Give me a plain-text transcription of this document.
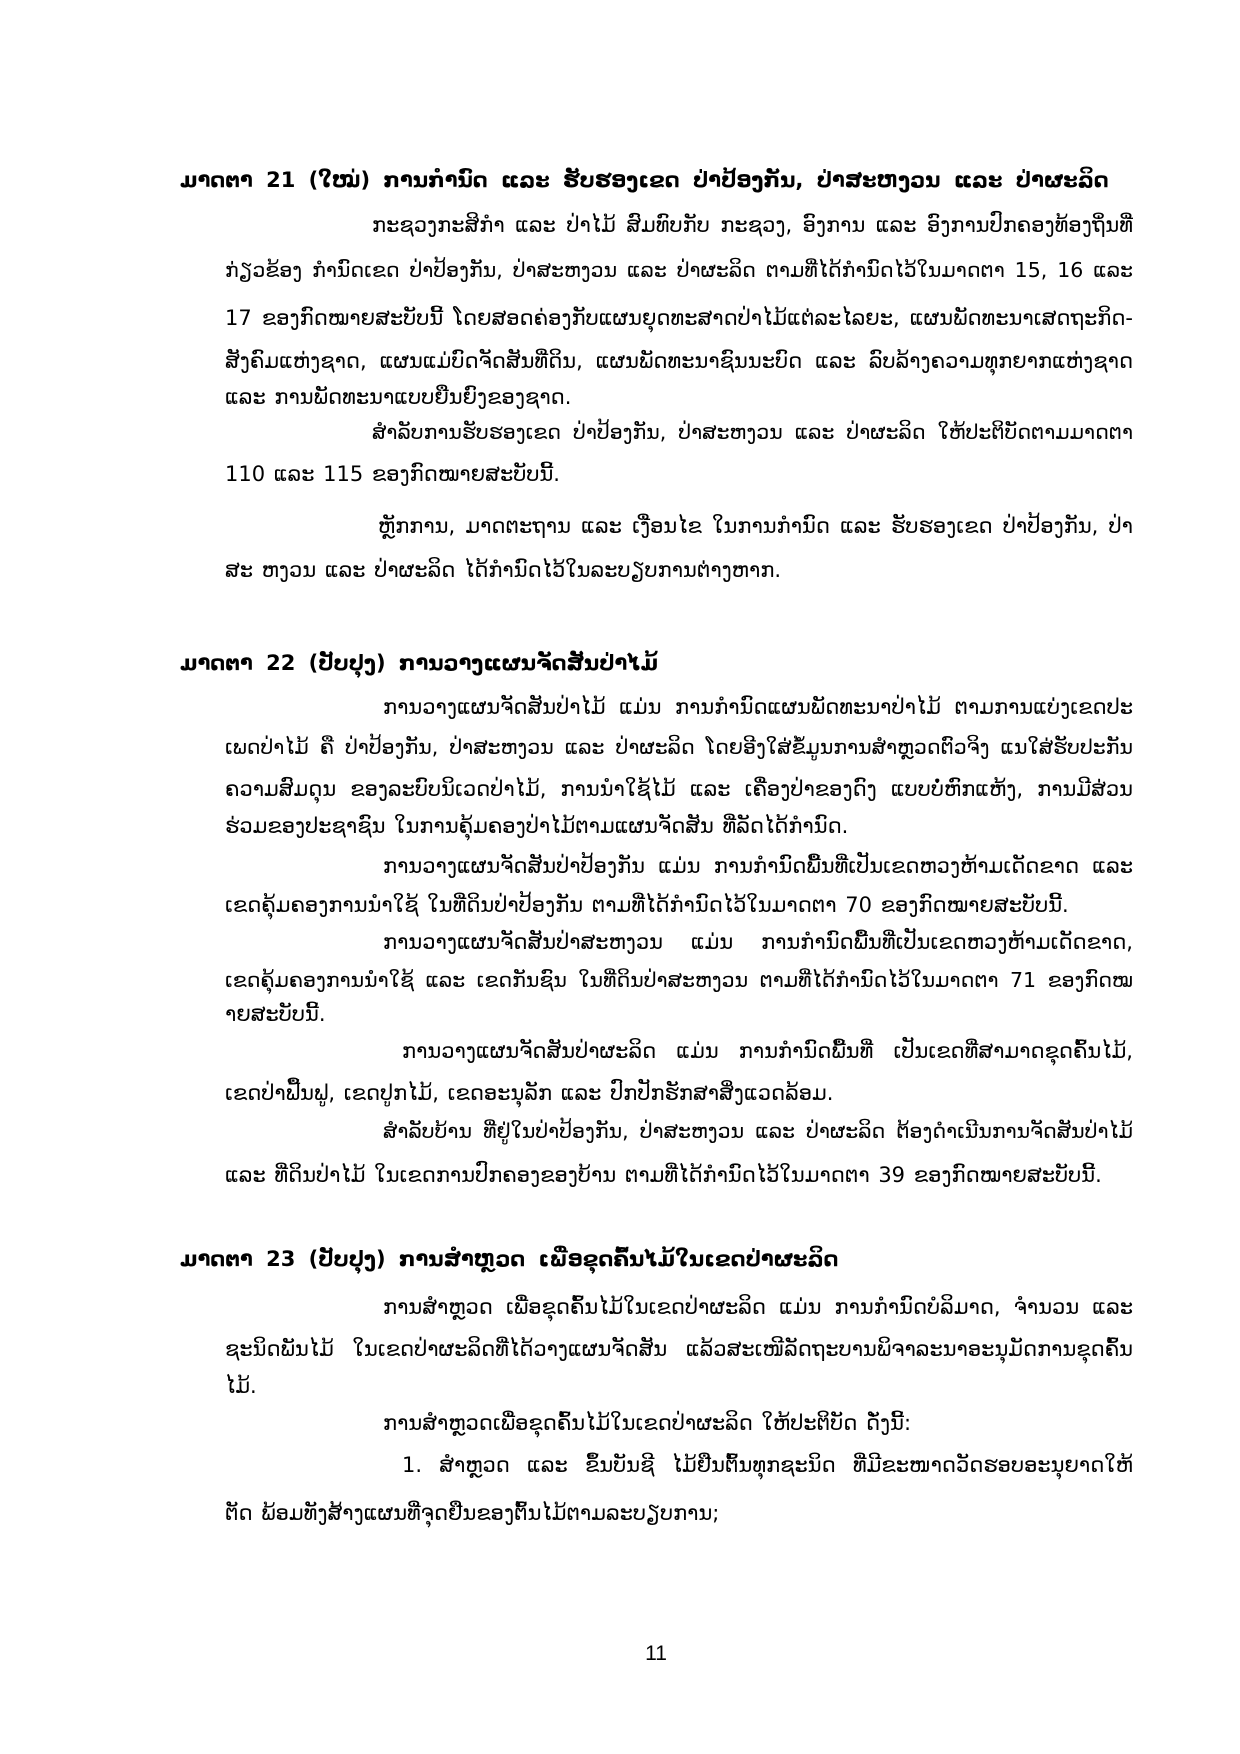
ມາດຕາ 21 (ໃໝ່) ການກຳນົດ ແລະ ຮັບຮອງເຂດ ປ່າປ້ອງກັນ, ປ່າສະຫງວນ ແລະ ປ່າຜະລິດ
ກະຊວງກະສິກຳ ແລະ ປ່າໄມ້ ສົມທົບກັບ ກະຊວງ, ອົງການ ແລະ ອົງການປົກຄອງທ້ອງຖິ່ນທີ່
ກ່ຽວຂ້ອງ ກຳນົດເຂດ ປ່າປ້ອງກັນ, ປ່າສະຫງວນ ແລະ ປ່າຜະລິດ ຕາມທີ່ໄດ້ກຳນົດໄວ້ໃນມາດຕາ 15, 16 ແລະ
17 ຂອງກົດໝາຍສະບັບນີ້ ໂດຍສອດຄ່ອງກັບແຜນຍຸດທະສາດປ່າໄມ້ແຕ່ລະໄລຍະ, ແຜນພັດທະນາເສດຖະກິດ-
ສັງຄົມແຫ່ງຊາດ, ແຜນແມ່ບົດຈັດສັນທີ່ດິນ, ແຜນພັດທະນາຊົນນະບົດ ແລະ ລົບລ້າງຄວາມທຸກຍາກແຫ່ງຊາດ
ແລະ ການພັດທະນາແບບຍືນຍົງຂອງຊາດ.
ສຳລັບການຮັບຮອງເຂດ ປ່າປ້ອງກັນ, ປ່າສະຫງວນ ແລະ ປ່າຜະລິດ ໃຫ້ປະຕິບັດຕາມມາດຕາ
110 ແລະ 115 ຂອງກົດໝາຍສະບັບນີ້.
ຫຼັກການ, ມາດຕະຖານ ແລະ ເງື່ອນໄຂ ໃນການກຳນົດ ແລະ ຮັບຮອງເຂດ ປ່າປ້ອງກັນ, ປ່າ
ສະ ຫງວນ ແລະ ປ່າຜະລິດ ໄດ້ກຳນົດໄວ້ໃນລະບຽບການຕ່າງຫາກ.
ມາດຕາ 22 (ປັບປຸງ) ການວາງແຜນຈັດສັນປ່າໄມ້
ການວາງແຜນຈັດສັນປ່າໄມ້ ແມ່ນ ການກຳນົດແຜນພັດທະນາປ່າໄມ້ ຕາມການແບ່ງເຂດປະ
ເພດປ່າໄມ້ ຄື ປ່າປ້ອງກັນ, ປ່າສະຫງວນ ແລະ ປ່າຜະລິດ ໂດຍອີງໃສ່ຂໍ້ມູນການສຳຫຼວດຕົວຈິງ ແນໃສ່ຮັບປະກັນ
ຄວາມສົມດຸນ ຂອງລະບົບນິເວດປ່າໄມ້, ການນຳໃຊ້ໄມ້ ແລະ ເຄື່ອງປ່າຂອງດົງ ແບບບໍ່ຫົກແຫ້ງ, ການມີສ່ວນ
ຮ່ວມຂອງປະຊາຊົນ ໃນການຄຸ້ມຄອງປ່າໄມ້ຕາມແຜນຈັດສັນ ທີ່ລັດໄດ້ກຳນົດ.
ການວາງແຜນຈັດສັນປ່າປ້ອງກັນ ແມ່ນ ການກຳນົດພື້ນທີ່ເປັນເຂດຫວງຫ້າມເດັດຂາດ ແລະ
ເຂດຄຸ້ມຄອງການນຳໃຊ້ ໃນທີ່ດິນປ່າປ້ອງກັນ ຕາມທີ່ໄດ້ກຳນົດໄວ້ໃນມາດຕາ 70 ຂອງກົດໝາຍສະບັບນີ້.
ການວາງແຜນຈັດສັນປ່າສະຫງວນ ແມ່ນ ການກຳນົດພື້ນທີ່ເປັນເຂດຫວງຫ້າມເດັດຂາດ,
ເຂດຄຸ້ມຄອງການນຳໃຊ້ ແລະ ເຂດກັນຊົນ ໃນທີ່ດິນປ່າສະຫງວນ ຕາມທີ່ໄດ້ກຳນົດໄວ້ໃນມາດຕາ 71 ຂອງກົດໝ
າຍສະບັບນີ້.
ການວາງແຜນຈັດສັນປ່າຜະລິດ ແມ່ນ ການກຳນົດພື້ນທີ່ ເປັນເຂດທີ່ສາມາດຂຸດຄົ້ນໄມ້,
ເຂດປ່າຟື້ນຟູ, ເຂດປູກໄມ້, ເຂດອະນຸລັກ ແລະ ປົກປັກຮັກສາສິ່ງແວດລ້ອມ.
ສຳລັບບ້ານ ທີ່ຢູ່ໃນປ່າປ້ອງກັນ, ປ່າສະຫງວນ ແລະ ປ່າຜະລິດ ຕ້ອງດຳເນີນການຈັດສັນປ່າໄມ້
ແລະ ທີ່ດິນປ່າໄມ້ ໃນເຂດການປົກຄອງຂອງບ້ານ ຕາມທີ່ໄດ້ກຳນົດໄວ້ໃນມາດຕາ 39 ຂອງກົດໝາຍສະບັບນີ້.
ມາດຕາ 23 (ປັບປຸງ) ການສຳຫຼວດ ເພື່ອຂຸດຄົ້ນໄມ້ໃນເຂດປ່າຜະລິດ
ການສຳຫຼວດ ເພື່ອຂຸດຄົ້ນໄມ້ໃນເຂດປ່າຜະລິດ ແມ່ນ ການກຳນົດບໍລິມາດ, ຈຳນວນ ແລະ
ຊະນິດພັນໄມ້ ໃນເຂດປ່າຜະລິດທີ່ໄດ້ວາງແຜນຈັດສັນ ແລ້ວສະເໜີລັດຖະບານພິຈາລະນາອະນຸມັດການຂຸດຄົ້ນ
ໄມ້.
ການສຳຫຼວດເພື່ອຂຸດຄົ້ນໄມ້ໃນເຂດປ່າຜະລິດ ໃຫ້ປະຕິບັດ ດັ່ງນີ້:
1. ສຳຫຼວດ ແລະ ຂຶ້ນບັນຊີ ໄມ້ຢືນຕົ້ນທຸກຊະນິດ ທີ່ມີຂະໜາດວັດຮອບອະນຸຍາດໃຫ້
ຕັດ ພ້ອມທັງສ້າງແຜນທີ່ຈຸດຢືນຂອງຕົ້ນໄມ້ຕາມລະບຽບການ;
11
